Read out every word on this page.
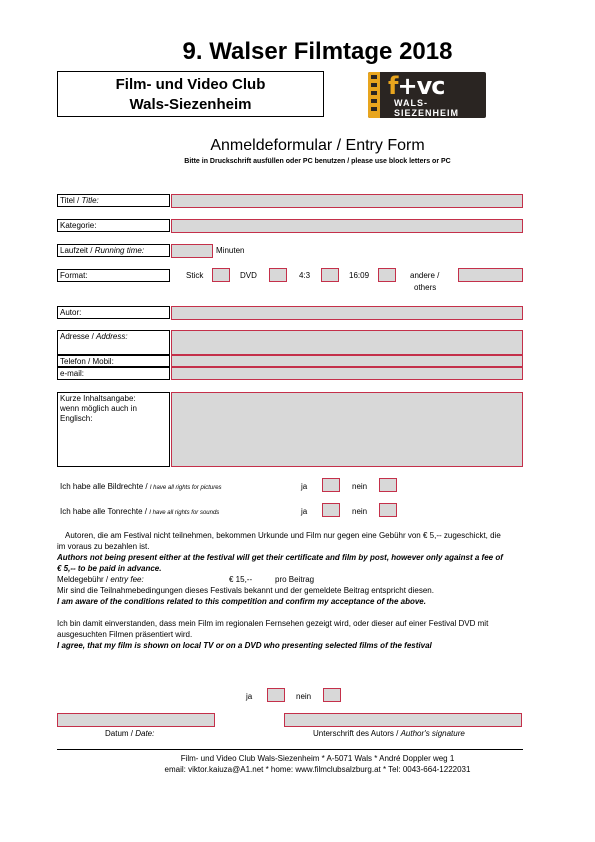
9. Walser Filmtage 2018
Film- und Video Club
Wals-Siezenheim
f+vc
WALS-
SIEZENHEIM
Anmeldeformular / Entry Form
Bitte in Druckschrift ausfüllen oder PC benutzen / please use block letters or PC
Titel / Title:
Kategorie:
Laufzeit / Running time:	Minuten
Format:	Stick	DVD	4:3	16:09	andere /
others
Autor:
Adresse / Address:
Telefon / Mobil:
e-mail:
Kurze Inhaltsangabe:
wenn möglich auch in
Englisch:
Ich habe alle Bildrechte / I have all rights for pictures	ja	nein
Ich habe alle Tonrechte / I have all rights for sounds	ja	nein
Autoren, die am Festival nicht teilnehmen, bekommen Urkunde und Film nur gegen eine Gebühr von € 5,-- zugeschickt, die im voraus zu bezahlen ist.
Authors not being present either at the festival will get their certificate and film by post, however only against a fee of € 5,-- to be paid in advance.
Meldegebühr / entry fee:	€ 15,--	pro Beitrag
Mir sind die Teilnahmebedingungen dieses Festivals bekannt und der gemeldete Beitrag entspricht diesen.
I am aware of the conditions related to this competition and confirm my acceptance of the above.
Ich bin damit einverstanden, dass mein Film im regionalen Fernsehen gezeigt wird, oder dieser auf einer Festival DVD mit ausgesuchten Filmen präsentiert wird.
I agree, that my film is shown on local TV or on a DVD who presenting selected films of the festival
ja	nein
Datum / Date:	Unterschrift des Autors / Author's signature
Film- und Video Club Wals-Siezenheim * A-5071 Wals * André Doppler weg 1
email: viktor.kaiuza@A1.net * home: www.filmclubsalzburg.at * Tel: 0043-664-1222031
